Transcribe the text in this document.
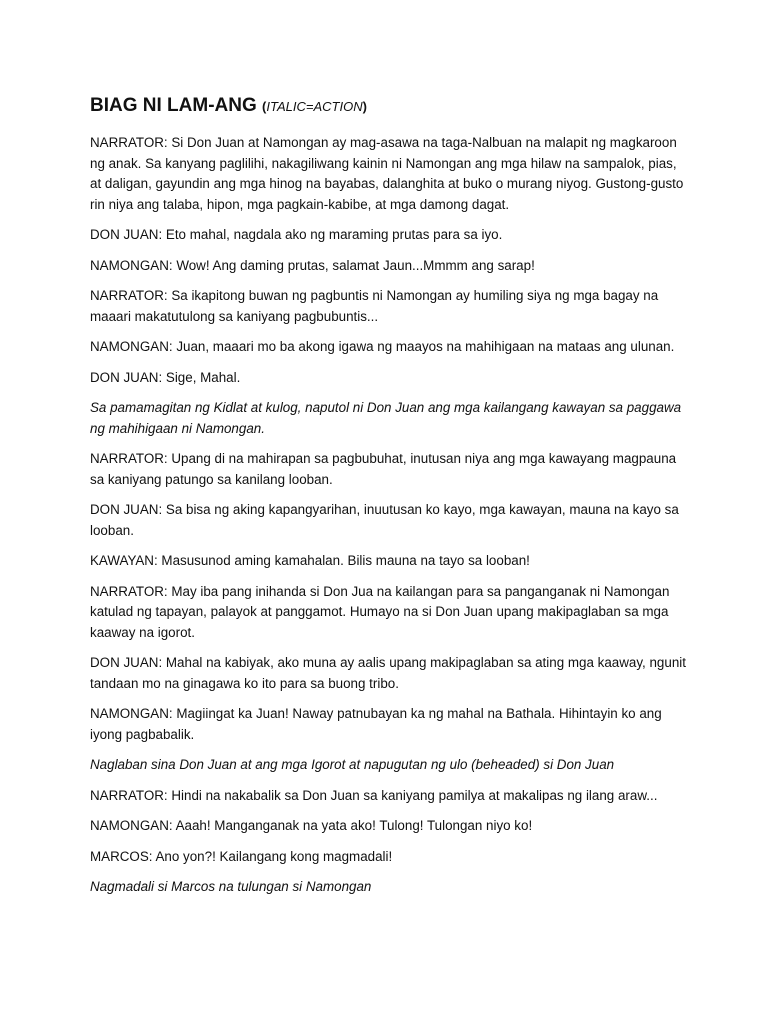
BIAG NI LAM-ANG (ITALIC=ACTION)
NARRATOR: Si Don Juan at Namongan ay mag-asawa na taga-Nalbuan na malapit ng magkaroon ng anak. Sa kanyang paglilihi, nakagiliwang kainin ni Namongan ang mga hilaw na sampalok, pias, at daligan, gayundin ang mga hinog na bayabas, dalanghita at buko o murang niyog. Gustong-gusto rin niya ang talaba, hipon, mga pagkain-kabibe, at mga damong dagat.
DON JUAN: Eto mahal, nagdala ako ng maraming prutas para sa iyo.
NAMONGAN: Wow! Ang daming prutas, salamat Jaun...Mmmm ang sarap!
NARRATOR: Sa ikapitong buwan ng pagbuntis ni Namongan ay humiling siya ng mga bagay na maaari makatutulong sa kaniyang pagbubuntis...
NAMONGAN: Juan, maaari mo ba akong igawa ng maayos na mahihigaan na mataas ang ulunan.
DON JUAN: Sige, Mahal.
Sa pamamagitan ng Kidlat at kulog, naputol ni Don Juan ang mga kailangang kawayan sa paggawa ng mahihigaan ni Namongan.
NARRATOR: Upang di na mahirapan sa pagbubuhat, inutusan niya ang mga kawayang magpauna sa kaniyang patungo sa kanilang looban.
DON JUAN: Sa bisa ng aking kapangyarihan, inuutusan ko kayo, mga kawayan, mauna na kayo sa looban.
KAWAYAN: Masusunod aming kamahalan. Bilis mauna na tayo sa looban!
NARRATOR: May iba pang inihanda si Don Jua na kailangan para sa panganganak ni Namongan katulad ng tapayan, palayok at panggamot. Humayo na si Don Juan upang makipaglaban sa mga kaaway na igorot.
DON JUAN: Mahal na kabiyak, ako muna ay aalis upang makipaglaban sa ating mga kaaway, ngunit tandaan mo na ginagawa ko ito para sa buong tribo.
NAMONGAN: Magiingat ka Juan! Naway patnubayan ka ng mahal na Bathala. Hihintayin ko ang iyong pagbabalik.
Naglaban sina Don Juan at ang mga Igorot at napugutan ng ulo (beheaded) si Don Juan
NARRATOR: Hindi na nakabalik sa Don Juan sa kaniyang pamilya at makalipas ng ilang araw...
NAMONGAN: Aaah! Manganganak na yata ako! Tulong! Tulongan niyo ko!
MARCOS: Ano yon?! Kailangang kong magmadali!
Nagmadali si Marcos na tulungan si Namongan
